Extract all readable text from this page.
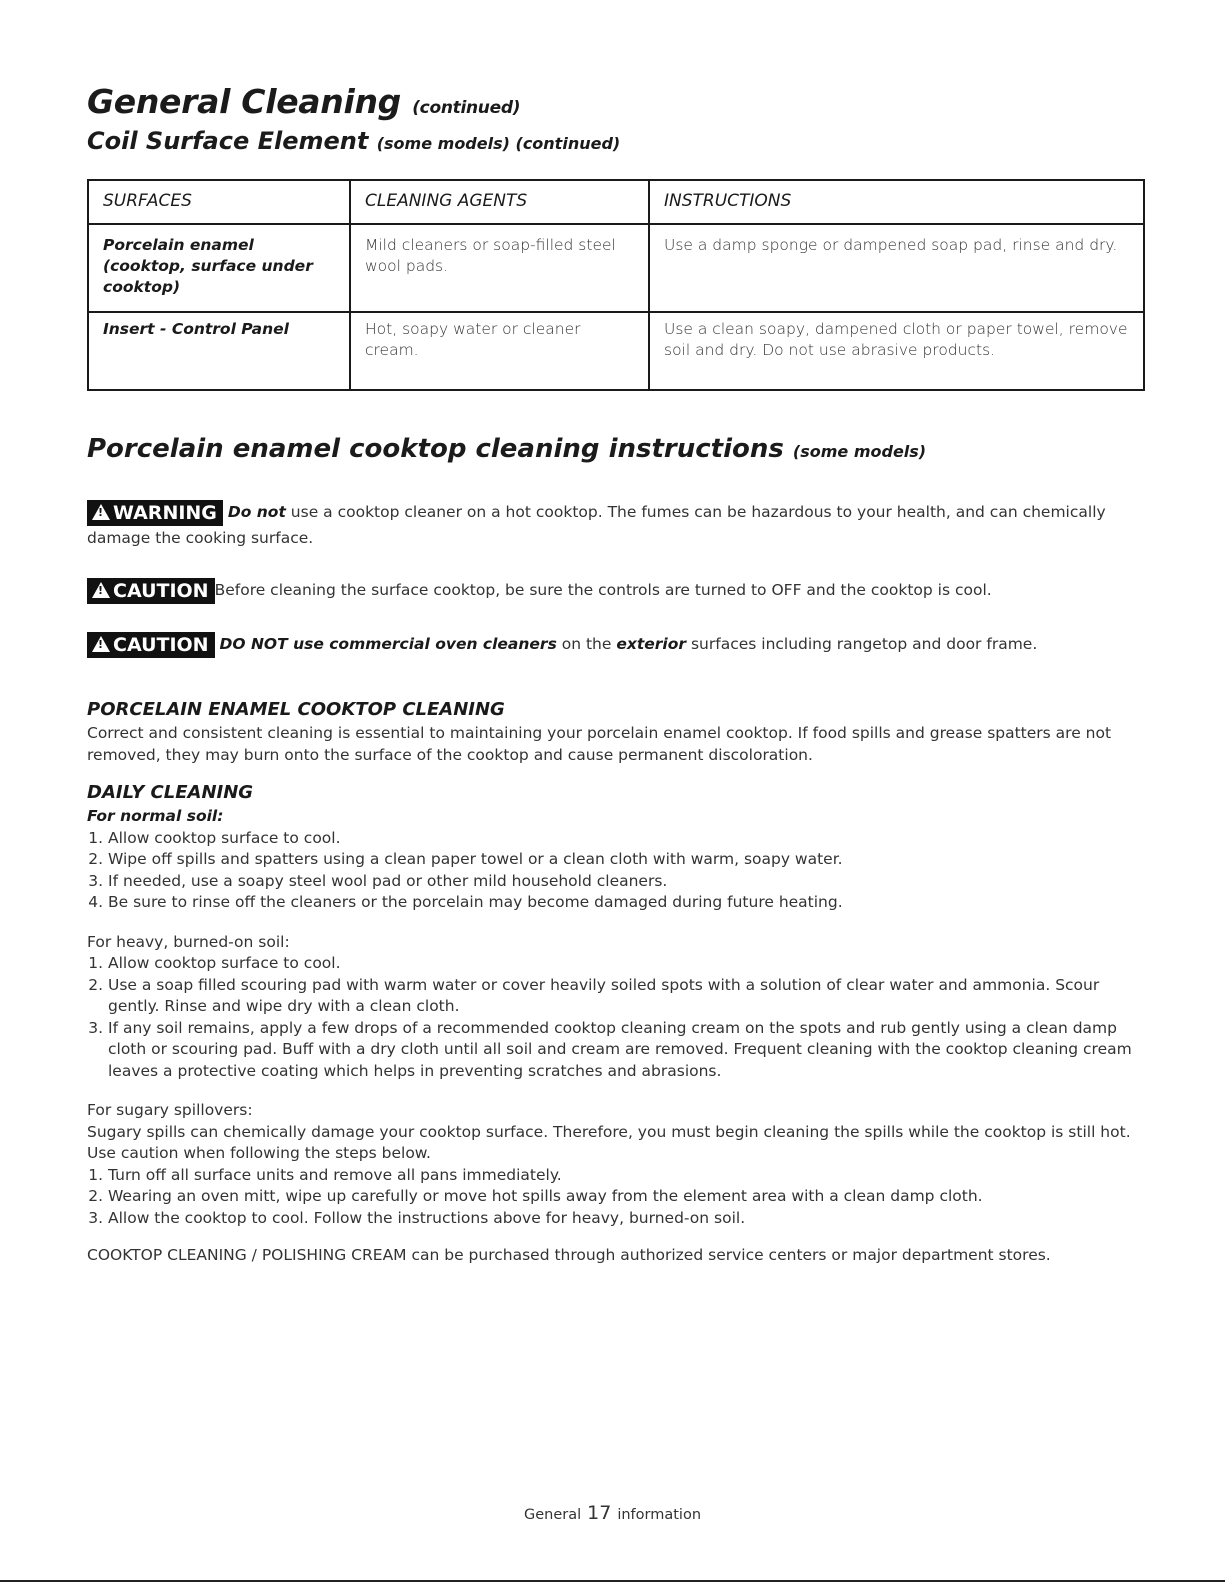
General Cleaning (continued)
Coil Surface Element (some models) (continued)
SURFACES	CLEANING AGENTS	INSTRUCTIONS
Porcelain enamel (cooktop, surface under cooktop)	Mild cleaners or soap-filled steel wool pads.	Use a damp sponge or dampened soap pad, rinse and dry.
Insert - Control Panel	Hot, soapy water or cleaner cream.	Use a clean soapy, dampened cloth or paper towel, remove soil and dry. Do not use abrasive products.
Porcelain enamel cooktop cleaning instructions (some models)
!WARNING Do not use a cooktop cleaner on a hot cooktop. The fumes can be hazardous to your health, and can chemically damage the cooking surface.
!CAUTION Before cleaning the surface cooktop, be sure the controls are turned to OFF and the cooktop is cool.
!CAUTION DO NOT use commercial oven cleaners on the exterior surfaces including rangetop and door frame.
PORCELAIN ENAMEL COOKTOP CLEANING
Correct and consistent cleaning is essential to maintaining your porcelain enamel cooktop. If food spills and grease spatters are not removed, they may burn onto the surface of the cooktop and cause permanent discoloration.
DAILY CLEANING
For normal soil:
1. Allow cooktop surface to cool.
2. Wipe off spills and spatters using a clean paper towel or a clean cloth with warm, soapy water.
3. If needed, use a soapy steel wool pad or other mild household cleaners.
4. Be sure to rinse off the cleaners or the porcelain may become damaged during future heating.
For heavy, burned-on soil:
1. Allow cooktop surface to cool.
2. Use a soap filled scouring pad with warm water or cover heavily soiled spots with a solution of clear water and ammonia. Scour gently. Rinse and wipe dry with a clean cloth.
3. If any soil remains, apply a few drops of a recommended cooktop cleaning cream on the spots and rub gently using a clean damp cloth or scouring pad. Buff with a dry cloth until all soil and cream are removed. Frequent cleaning with the cooktop cleaning cream leaves a protective coating which helps in preventing scratches and abrasions.
For sugary spillovers:
Sugary spills can chemically damage your cooktop surface. Therefore, you must begin cleaning the spills while the cooktop is still hot. Use caution when following the steps below.
1. Turn off all surface units and remove all pans immediately.
2. Wearing an oven mitt, wipe up carefully or move hot spills away from the element area with a clean damp cloth.
3. Allow the cooktop to cool. Follow the instructions above for heavy, burned-on soil.
COOKTOP CLEANING / POLISHING CREAM can be purchased through authorized service centers or major department stores.
General 17 information
